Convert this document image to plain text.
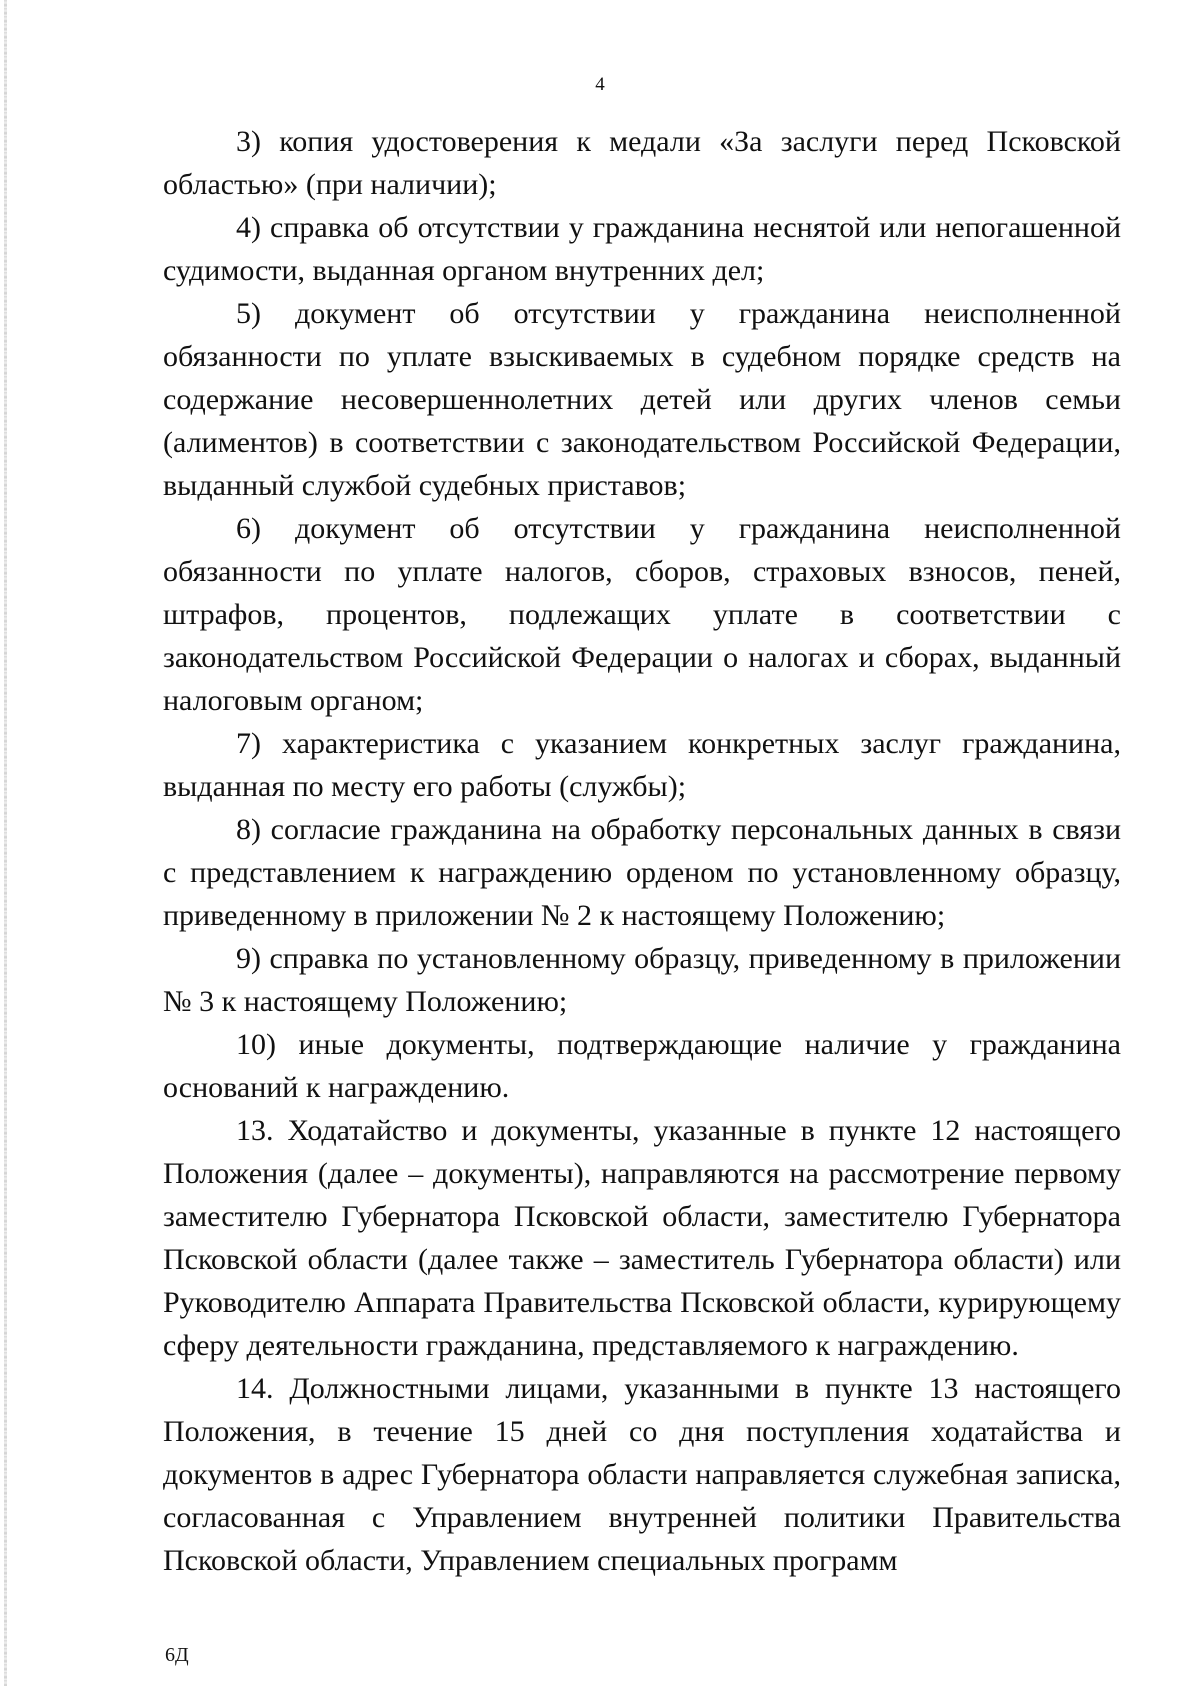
4

3) копия удостоверения к медали «За заслуги перед Псковской областью» (при наличии);

4) справка об отсутствии у гражданина неснятой или непогашенной судимости, выданная органом внутренних дел;

5) документ об отсутствии у гражданина неисполненной обязанности по уплате взыскиваемых в судебном порядке средств на содержание несовершеннолетних детей или других членов семьи (алиментов) в соответствии с законодательством Российской Федерации, выданный службой судебных приставов;

6) документ об отсутствии у гражданина неисполненной обязанности по уплате налогов, сборов, страховых взносов, пеней, штрафов, процентов, подлежащих уплате в соответствии с законодательством Российской Федерации о налогах и сборах, выданный налоговым органом;

7) характеристика с указанием конкретных заслуг гражданина, выданная по месту его работы (службы);

8) согласие гражданина на обработку персональных данных в связи с представлением к награждению орденом по установленному образцу, приведенному в приложении № 2 к настоящему Положению;

9) справка по установленному образцу, приведенному в приложении № 3 к настоящему Положению;

10) иные документы, подтверждающие наличие у гражданина оснований к награждению.

13. Ходатайство и документы, указанные в пункте 12 настоящего Положения (далее – документы), направляются на рассмотрение первому заместителю Губернатора Псковской области, заместителю Губернатора Псковской области (далее также – заместитель Губернатора области) или Руководителю Аппарата Правительства Псковской области, курирующему сферу деятельности гражданина, представляемого к награждению.

14. Должностными лицами, указанными в пункте 13 настоящего Положения, в течение 15 дней со дня поступления ходатайства и документов в адрес Губернатора области направляется служебная записка, согласованная с Управлением внутренней политики Правительства Псковской области, Управлением специальных программ

6Д
